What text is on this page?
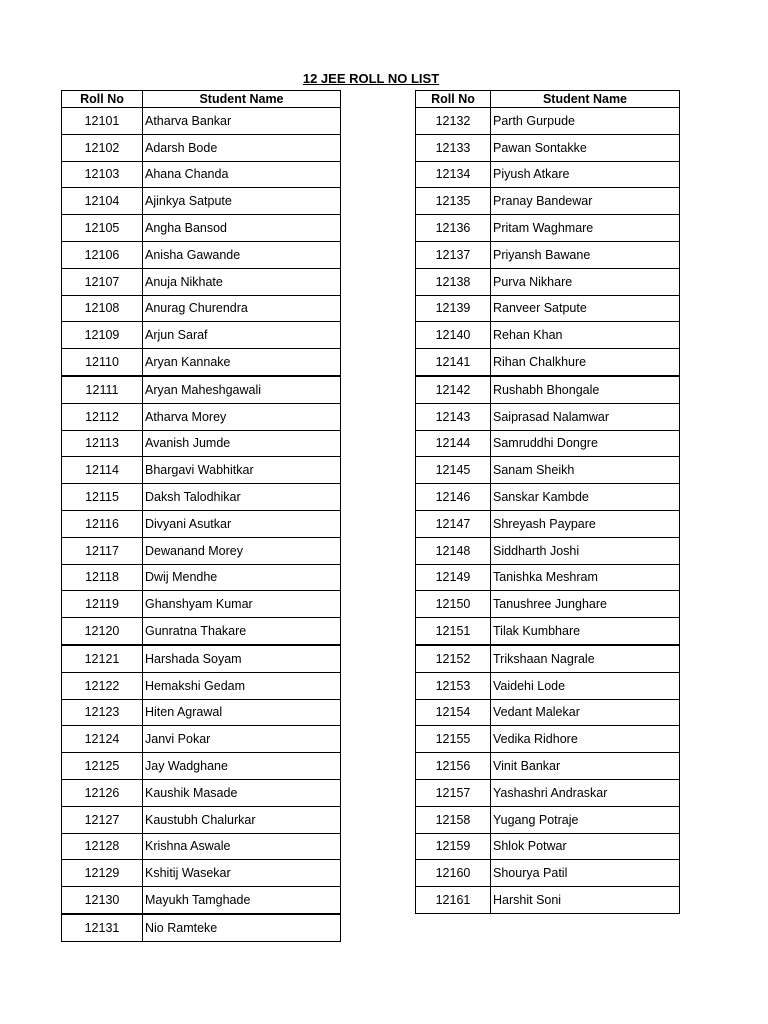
12 JEE ROLL NO LIST
Roll No	Student Name
12101	Atharva Bankar
12102	Adarsh Bode
12103	Ahana Chanda
12104	Ajinkya Satpute
12105	Angha Bansod
12106	Anisha Gawande
12107	Anuja Nikhate
12108	Anurag Churendra
12109	Arjun Saraf
12110	Aryan Kannake
12111	Aryan Maheshgawali
12112	Atharva Morey
12113	Avanish Jumde
12114	Bhargavi Wabhitkar
12115	Daksh Talodhikar
12116	Divyani Asutkar
12117	Dewanand Morey
12118	Dwij Mendhe
12119	Ghanshyam Kumar
12120	Gunratna Thakare
12121	Harshada Soyam
12122	Hemakshi Gedam
12123	Hiten Agrawal
12124	Janvi Pokar
12125	Jay Wadghane
12126	Kaushik Masade
12127	Kaustubh Chalurkar
12128	Krishna Aswale
12129	Kshitij Wasekar
12130	Mayukh Tamghade
12131	Nio Ramteke
Roll No	Student Name
12132	Parth Gurpude
12133	Pawan Sontakke
12134	Piyush Atkare
12135	Pranay Bandewar
12136	Pritam Waghmare
12137	Priyansh Bawane
12138	Purva Nikhare
12139	Ranveer Satpute
12140	Rehan Khan
12141	Rihan Chalkhure
12142	Rushabh Bhongale
12143	Saiprasad Nalamwar
12144	Samruddhi Dongre
12145	Sanam Sheikh
12146	Sanskar Kambde
12147	Shreyash Paypare
12148	Siddharth Joshi
12149	Tanishka Meshram
12150	Tanushree Junghare
12151	Tilak Kumbhare
12152	Trikshaan Nagrale
12153	Vaidehi Lode
12154	Vedant Malekar
12155	Vedika Ridhore
12156	Vinit Bankar
12157	Yashashri Andraskar
12158	Yugang Potraje
12159	Shlok Potwar
12160	Shourya Patil
12161	Harshit Soni
